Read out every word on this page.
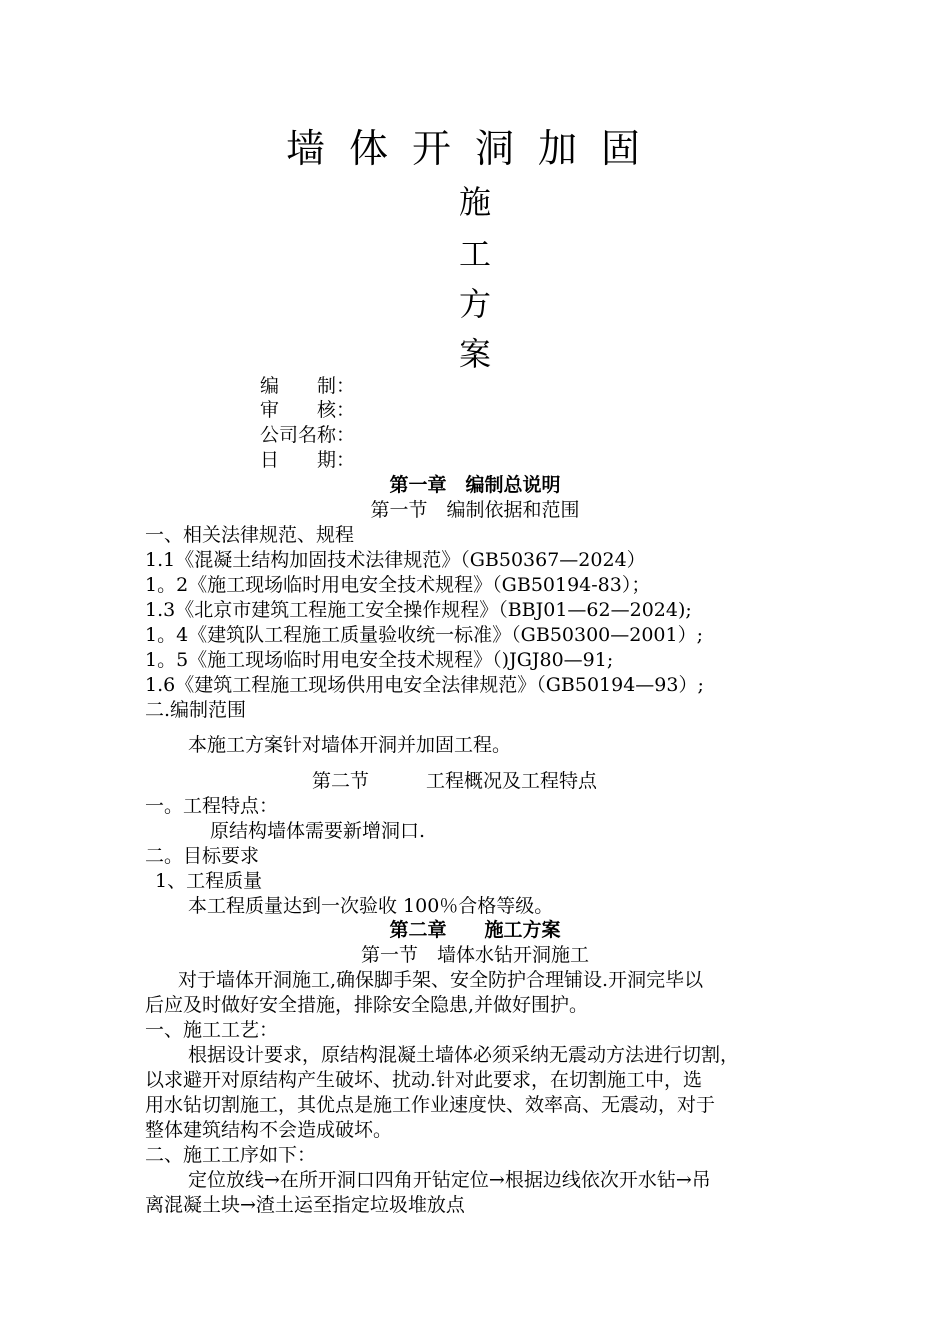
墙体开洞加固
施
工
方
案
编　　制：
审　　核：
公司名称：
日　　期：
第一章　编制总说明
第一节　编制依据和范围
一、相关法律规范、规程
1.1《混凝土结构加固技术法律规范》（GB50367—2024）
1。2《施工现场临时用电安全技术规程》（GB50194-83）；
1.3《北京市建筑工程施工安全操作规程》（BBJ01—62—2024);
1。4《建筑队工程施工质量验收统一标准》（GB50300—2001）;
1。5《施工现场临时用电安全技术规程》（)JGJ80—91;
1.6《建筑工程施工现场供用电安全法律规范》（GB50194—93）;
二.编制范围
本施工方案针对墙体开洞并加固工程。
第二节　　　工程概况及工程特点
一。工程特点：
原结构墙体需要新增洞口.
二。目标要求
1、工程质量
本工程质量达到一次验收 100％合格等级。
第二章　　施工方案
第一节　墙体水钻开洞施工
对于墙体开洞施工,确保脚手架、安全防护合理铺设.开洞完毕以
后应及时做好安全措施，排除安全隐患,并做好围护。
一、施工工艺：
根据设计要求，原结构混凝土墙体必须采纳无震动方法进行切割，
以求避开对原结构产生破坏、扰动.针对此要求，在切割施工中，选
用水钻切割施工，其优点是施工作业速度快、效率高、无震动，对于
整体建筑结构不会造成破坏。
二、施工工序如下：
定位放线→在所开洞口四角开钻定位→根据边线依次开水钻→吊
离混凝土块→渣土运至指定垃圾堆放点
